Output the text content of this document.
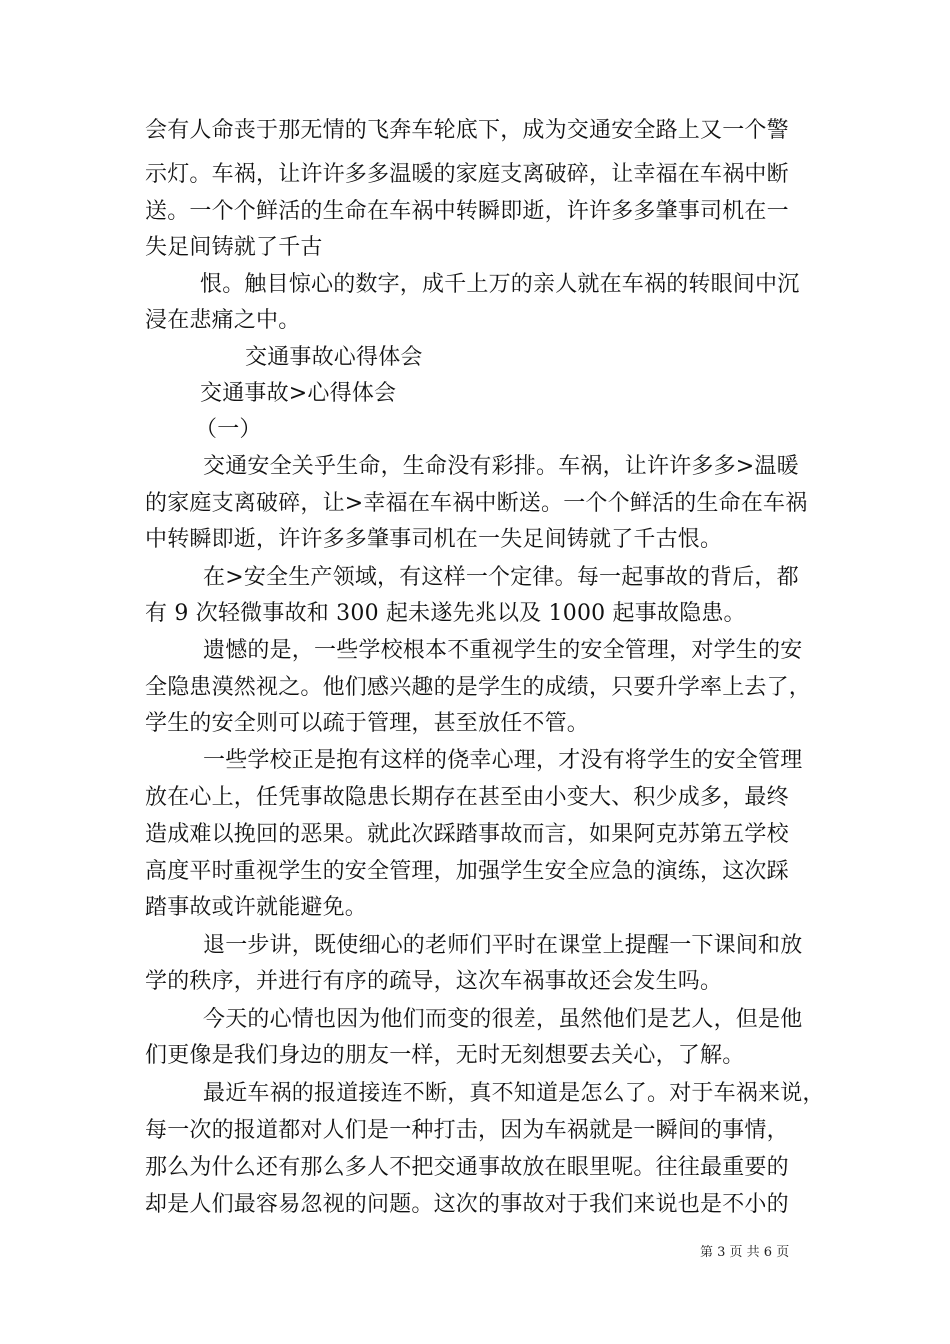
会有人命丧于那无情的飞奔车轮底下，成为交通安全路上又一个警
示灯。车祸，让许许多多温暖的家庭支离破碎，让幸福在车祸中断
送。一个个鲜活的生命在车祸中转瞬即逝，许许多多肇事司机在一
失足间铸就了千古
恨。触目惊心的数字，成千上万的亲人就在车祸的转眼间中沉
浸在悲痛之中。
交通事故心得体会
交通事故>心得体会
（一）
交通安全关乎生命，生命没有彩排。车祸，让许许多多>温暖
的家庭支离破碎，让>幸福在车祸中断送。一个个鲜活的生命在车祸
中转瞬即逝，许许多多肇事司机在一失足间铸就了千古恨。
在>安全生产领域，有这样一个定律。每一起事故的背后，都
有 9 次轻微事故和 300 起未遂先兆以及 1000 起事故隐患。
遗憾的是，一些学校根本不重视学生的安全管理，对学生的安
全隐患漠然视之。他们感兴趣的是学生的成绩，只要升学率上去了，
学生的安全则可以疏于管理，甚至放任不管。
一些学校正是抱有这样的侥幸心理，才没有将学生的安全管理
放在心上，任凭事故隐患长期存在甚至由小变大、积少成多，最终
造成难以挽回的恶果。就此次踩踏事故而言，如果阿克苏第五学校
高度平时重视学生的安全管理，加强学生安全应急的演练，这次踩
踏事故或许就能避免。
退一步讲，既使细心的老师们平时在课堂上提醒一下课间和放
学的秩序，并进行有序的疏导，这次车祸事故还会发生吗。
今天的心情也因为他们而变的很差，虽然他们是艺人，但是他
们更像是我们身边的朋友一样，无时无刻想要去关心，了解。
最近车祸的报道接连不断，真不知道是怎么了。对于车祸来说，
每一次的报道都对人们是一种打击，因为车祸就是一瞬间的事情，
那么为什么还有那么多人不把交通事故放在眼里呢。往往最重要的
却是人们最容易忽视的问题。这次的事故对于我们来说也是不小的
第 3 页 共 6 页
